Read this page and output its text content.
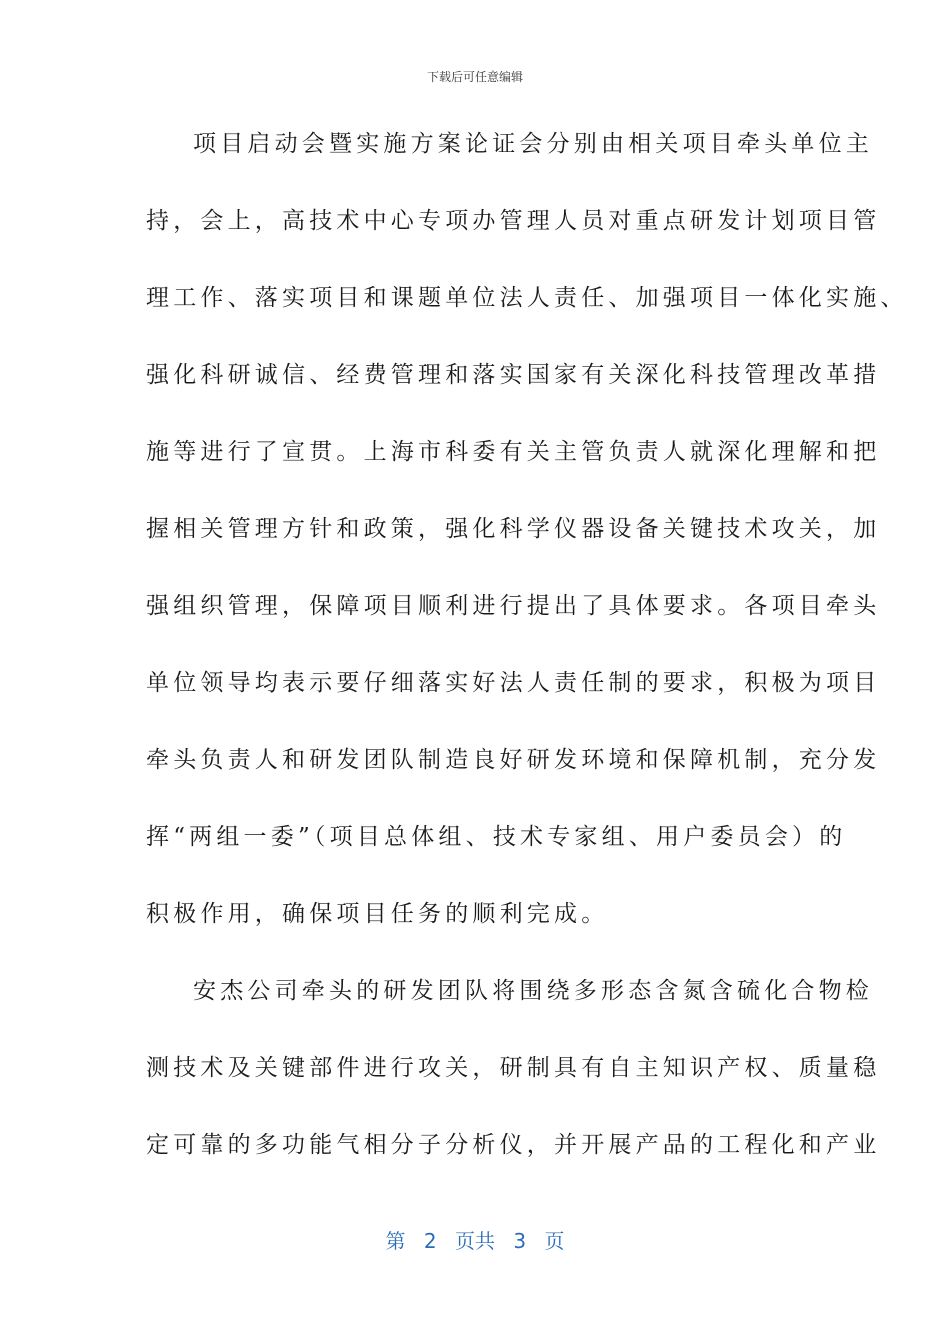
下载后可任意编辑
项目启动会暨实施方案论证会分别由相关项目牵头单位主
持，会上，高技术中心专项办管理人员对重点研发计划项目管
理工作、落实项目和课题单位法人责任、加强项目一体化实施、
强化科研诚信、经费管理和落实国家有关深化科技管理改革措
施等进行了宣贯。上海市科委有关主管负责人就深化理解和把
握相关管理方针和政策，强化科学仪器设备关键技术攻关，加
强组织管理，保障项目顺利进行提出了具体要求。各项目牵头
单位领导均表示要仔细落实好法人责任制的要求，积极为项目
牵头负责人和研发团队制造良好研发环境和保障机制，充分发
挥“两组一委”（项目总体组、技术专家组、用户委员会）的
积极作用，确保项目任务的顺利完成。
安杰公司牵头的研发团队将围绕多形态含氮含硫化合物检
测技术及关键部件进行攻关，研制具有自主知识产权、质量稳
定可靠的多功能气相分子分析仪，并开展产品的工程化和产业
第 2 页共 3 页
